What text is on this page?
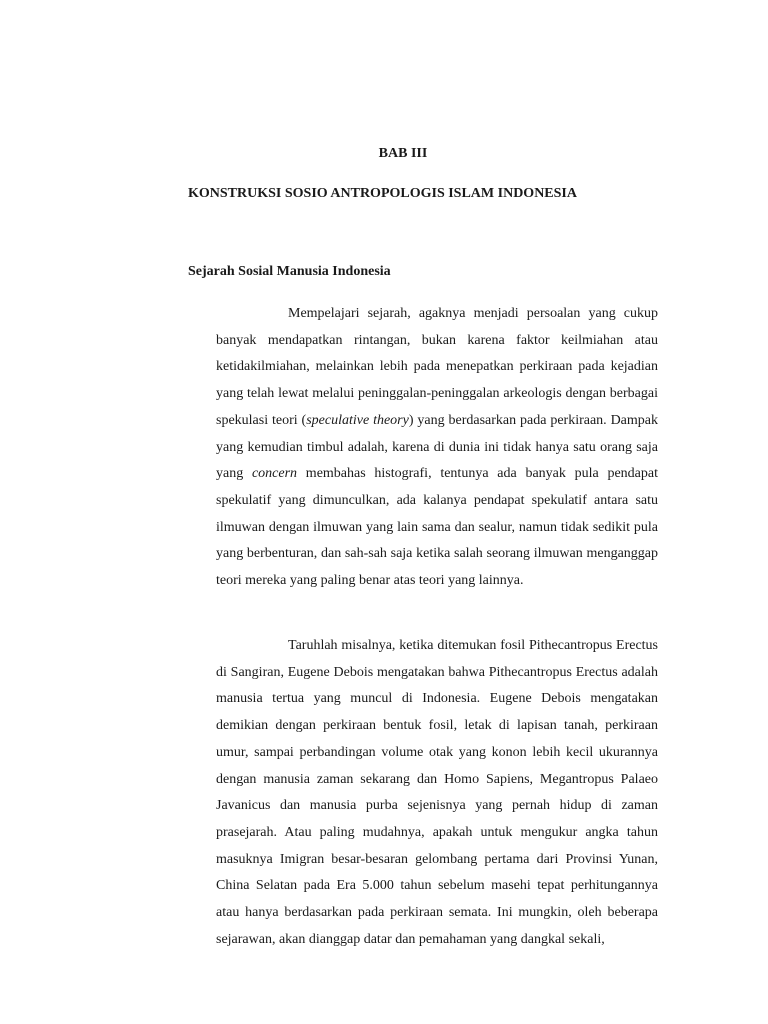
BAB III
KONSTRUKSI SOSIO ANTROPOLOGIS ISLAM INDONESIA
Sejarah Sosial Manusia Indonesia

Mempelajari sejarah, agaknya menjadi persoalan yang cukup banyak mendapatkan rintangan, bukan karena faktor keilmiahan atau ketidakilmiahan, melainkan lebih pada menepatkan perkiraan pada kejadian yang telah lewat melalui peninggalan-peninggalan arkeologis dengan berbagai spekulasi teori (speculative theory) yang berdasarkan pada perkiraan. Dampak yang kemudian timbul adalah, karena di dunia ini tidak hanya satu orang saja yang concern membahas histografi, tentunya ada banyak pula pendapat spekulatif yang dimunculkan, ada kalanya pendapat spekulatif antara satu ilmuwan dengan ilmuwan yang lain sama dan sealur, namun tidak sedikit pula yang berbenturan, dan sah-sah saja ketika salah seorang ilmuwan menganggap teori mereka yang paling benar atas teori yang lainnya.

Taruhlah misalnya, ketika ditemukan fosil Pithecantropus Erectus di Sangiran, Eugene Debois mengatakan bahwa Pithecantropus Erectus adalah manusia tertua yang muncul di Indonesia. Eugene Debois mengatakan demikian dengan perkiraan bentuk fosil, letak di lapisan tanah, perkiraan umur, sampai perbandingan volume otak yang konon lebih kecil ukurannya dengan manusia zaman sekarang dan Homo Sapiens, Megantropus Palaeo Javanicus dan manusia purba sejenisnya yang pernah hidup di zaman prasejarah. Atau paling mudahnya, apakah untuk mengukur angka tahun masuknya Imigran besar-besaran gelombang pertama dari Provinsi Yunan, China Selatan pada Era 5.000 tahun sebelum masehi tepat perhitungannya atau hanya berdasarkan pada perkiraan semata. Ini mungkin, oleh beberapa sejarawan, akan dianggap datar dan pemahaman yang dangkal sekali,
